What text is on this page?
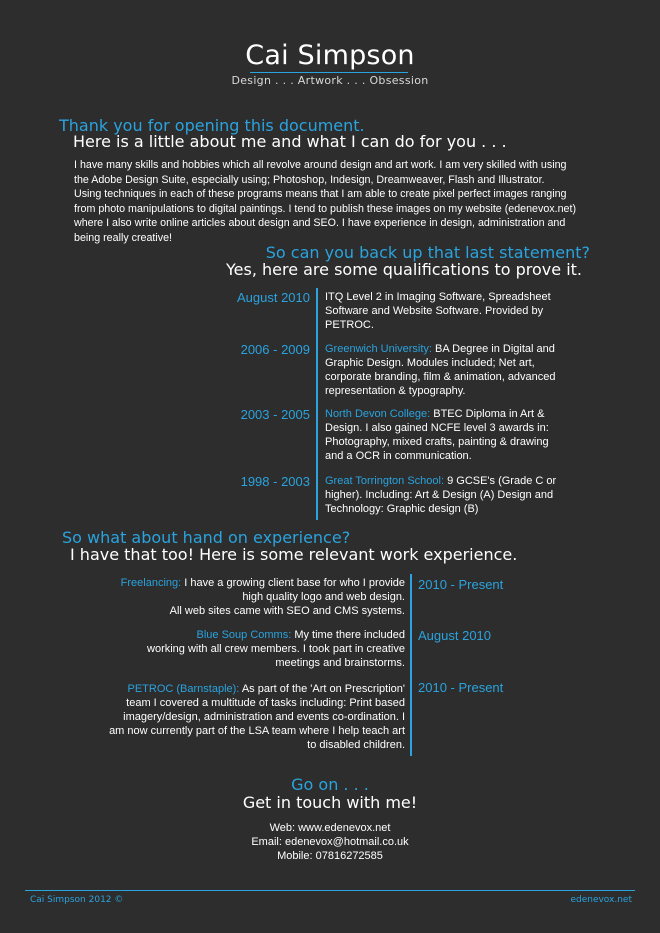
Cai Simpson
Design . . . Artwork . . . Obsession
Thank you for opening this document.
Here is a little about me and what I can do for you . . .
I have many skills and hobbies which all revolve around design and art work. I am very skilled with using
the Adobe Design Suite, especially using; Photoshop, Indesign, Dreamweaver, Flash and Illustrator.
Using techniques in each of these programs means that I am able to create pixel perfect images ranging
from photo manipulations to digital paintings. I tend to publish these images on my website (edenevox.net)
where I also write online articles about design and SEO. I have experience in design, administration and
being really creative!
So can you back up that last statement?
Yes, here are some qualifications to prove it.
August 2010 ITQ Level 2 in Imaging Software, Spreadsheet
Software and Website Software. Provided by
PETROC.
2006 - 2009 Greenwich University: BA Degree in Digital and
Graphic Design. Modules included; Net art,
corporate branding, film & animation, advanced
representation & typography.
2003 - 2005 North Devon College: BTEC Diploma in Art &
Design. I also gained NCFE level 3 awards in:
Photography, mixed crafts, painting & drawing
and a OCR in communication.
1998 - 2003 Great Torrington School: 9 GCSE's (Grade C or
higher). Including: Art & Design (A) Design and
Technology: Graphic design (B)
So what about hand on experience?
I have that too! Here is some relevant work experience.
Freelancing: I have a growing client base for who I provide
high quality logo and web design.
All web sites came with SEO and CMS systems.
2010 - Present
Blue Soup Comms: My time there included
working with all crew members. I took part in creative
meetings and brainstorms.
August 2010
PETROC (Barnstaple): As part of the 'Art on Prescription'
team I covered a multitude of tasks including: Print based
imagery/design, administration and events co-ordination. I
am now currently part of the LSA team where I help teach art
to disabled children.
2010 - Present
Go on . . .
Get in touch with me!
Web: www.edenevox.net
Email: edenevox@hotmail.co.uk
Mobile: 07816272585
Cai Simpson 2012 ©	edenevox.net
